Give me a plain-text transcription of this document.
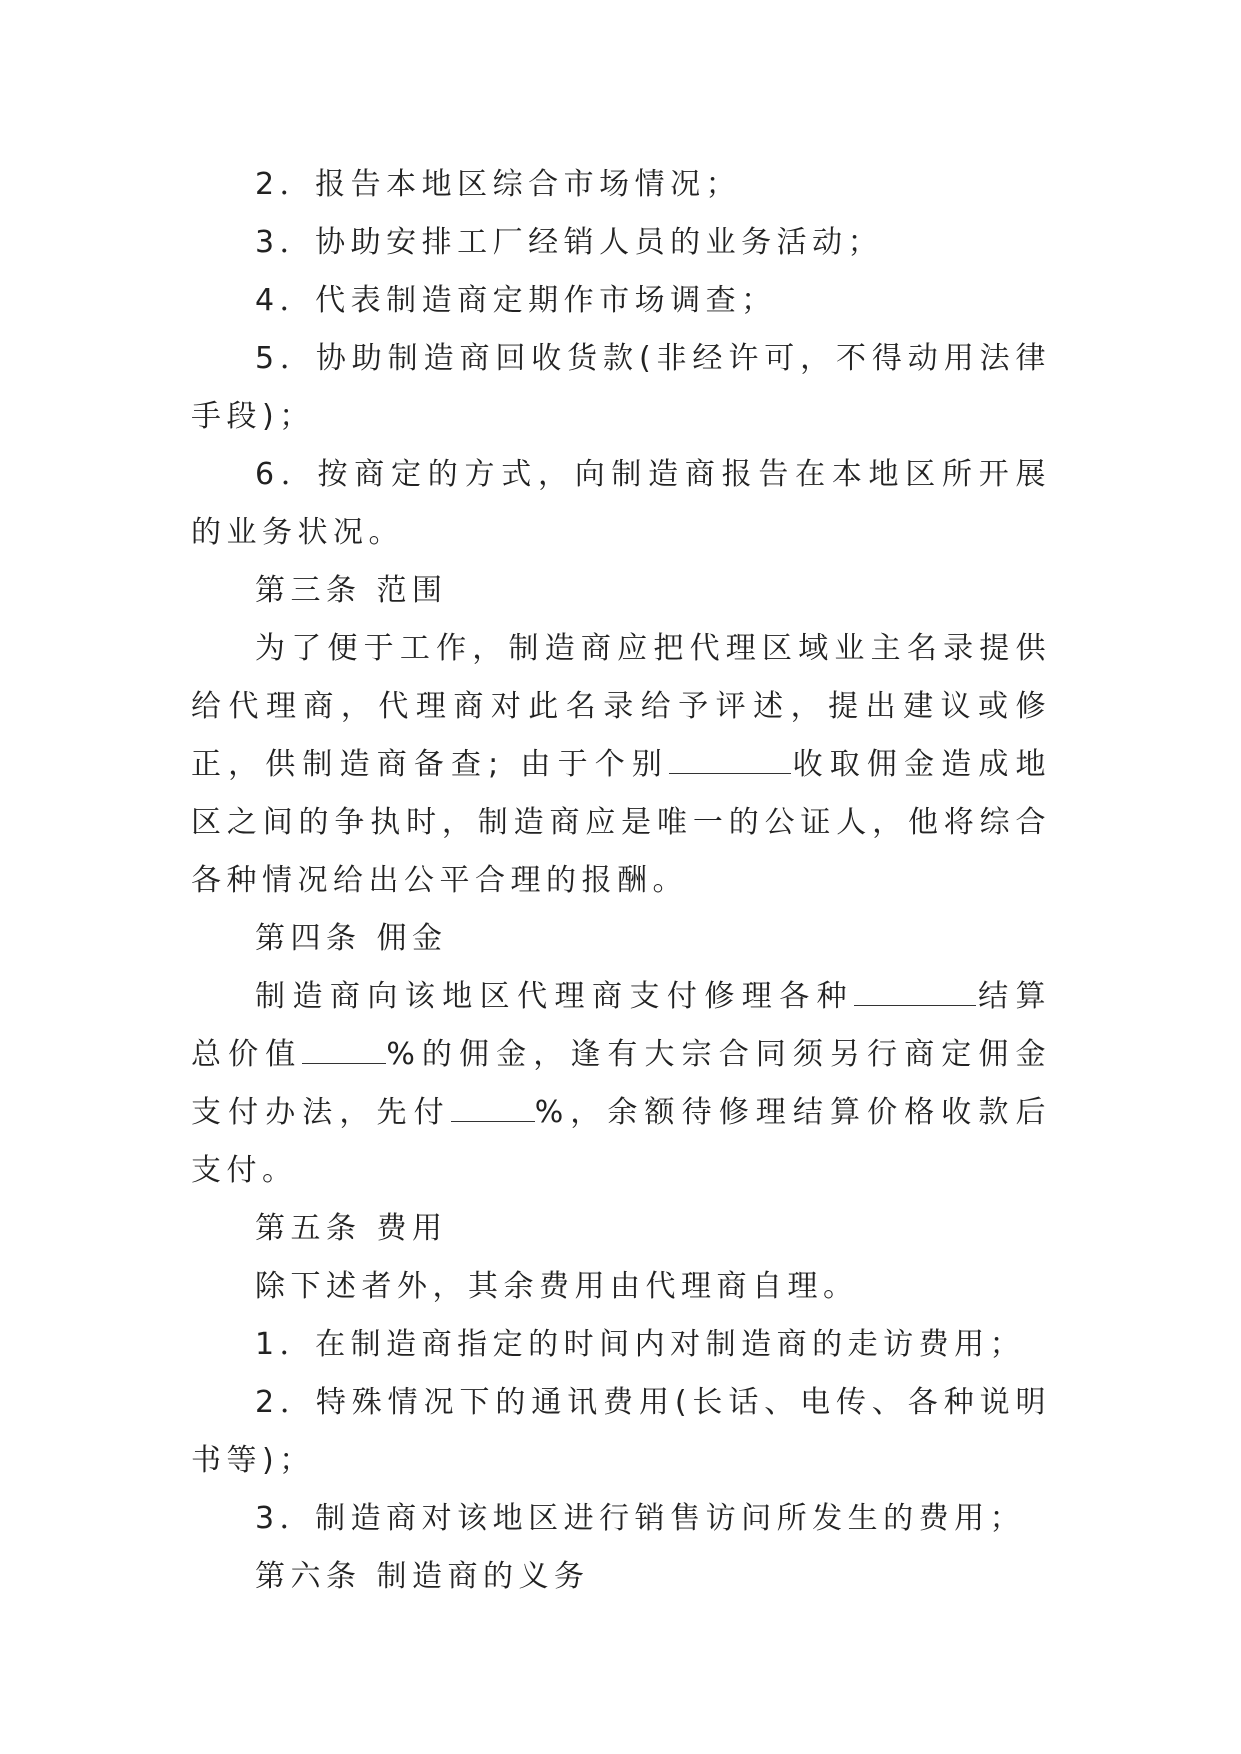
2．报告本地区综合市场情况；

3．协助安排工厂经销人员的业务活动；

4．代表制造商定期作市场调查；

5．协助制造商回收货款(非经许可，不得动用法律手段)；

6．按商定的方式，向制造商报告在本地区所开展的业务状况。

第三条 范围

为了便于工作，制造商应把代理区域业主名录提供给代理商，代理商对此名录给予评述，提出建议或修正，供制造商备查; 由于个别	收取佣金造成地区之间的争执时，制造商应是唯一的公证人，他将综合各种情况给出公平合理的报酬。

第四条 佣金

制造商向该地区代理商支付修理各种	结算总价值	%的佣金，逢有大宗合同须另行商定佣金支付办法，先付	%，余额待修理结算价格收款后支付。

第五条 费用

除下述者外，其余费用由代理商自理。

1．在制造商指定的时间内对制造商的走访费用；

2．特殊情况下的通讯费用(长话、电传、各种说明书等)；

3．制造商对该地区进行销售访问所发生的费用；

第六条 制造商的义务
